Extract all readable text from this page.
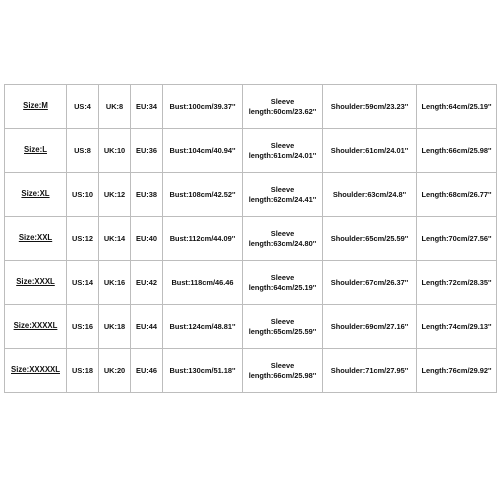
Size:M	US:4	UK:8	EU:34	Bust:100cm/39.37''	Sleeve
length:60cm/23.62''	Shoulder:59cm/23.23''	Length:64cm/25.19''
Size:L	US:8	UK:10	EU:36	Bust:104cm/40.94''	Sleeve
length:61cm/24.01''	Shoulder:61cm/24.01''	Length:66cm/25.98''
Size:XL	US:10	UK:12	EU:38	Bust:108cm/42.52''	Sleeve
length:62cm/24.41''	Shoulder:63cm/24.8''	Length:68cm/26.77''
Size:XXL	US:12	UK:14	EU:40	Bust:112cm/44.09''	Sleeve
length:63cm/24.80''	Shoulder:65cm/25.59''	Length:70cm/27.56''
Size:XXXL	US:14	UK:16	EU:42	Bust:118cm/46.46	Sleeve
length:64cm/25.19''	Shoulder:67cm/26.37''	Length:72cm/28.35''
Size:XXXXL	US:16	UK:18	EU:44	Bust:124cm/48.81''	Sleeve
length:65cm/25.59''	Shoulder:69cm/27.16''	Length:74cm/29.13''
Size:XXXXXL	US:18	UK:20	EU:46	Bust:130cm/51.18''	Sleeve
length:66cm/25.98''	Shoulder:71cm/27.95''	Length:76cm/29.92''
